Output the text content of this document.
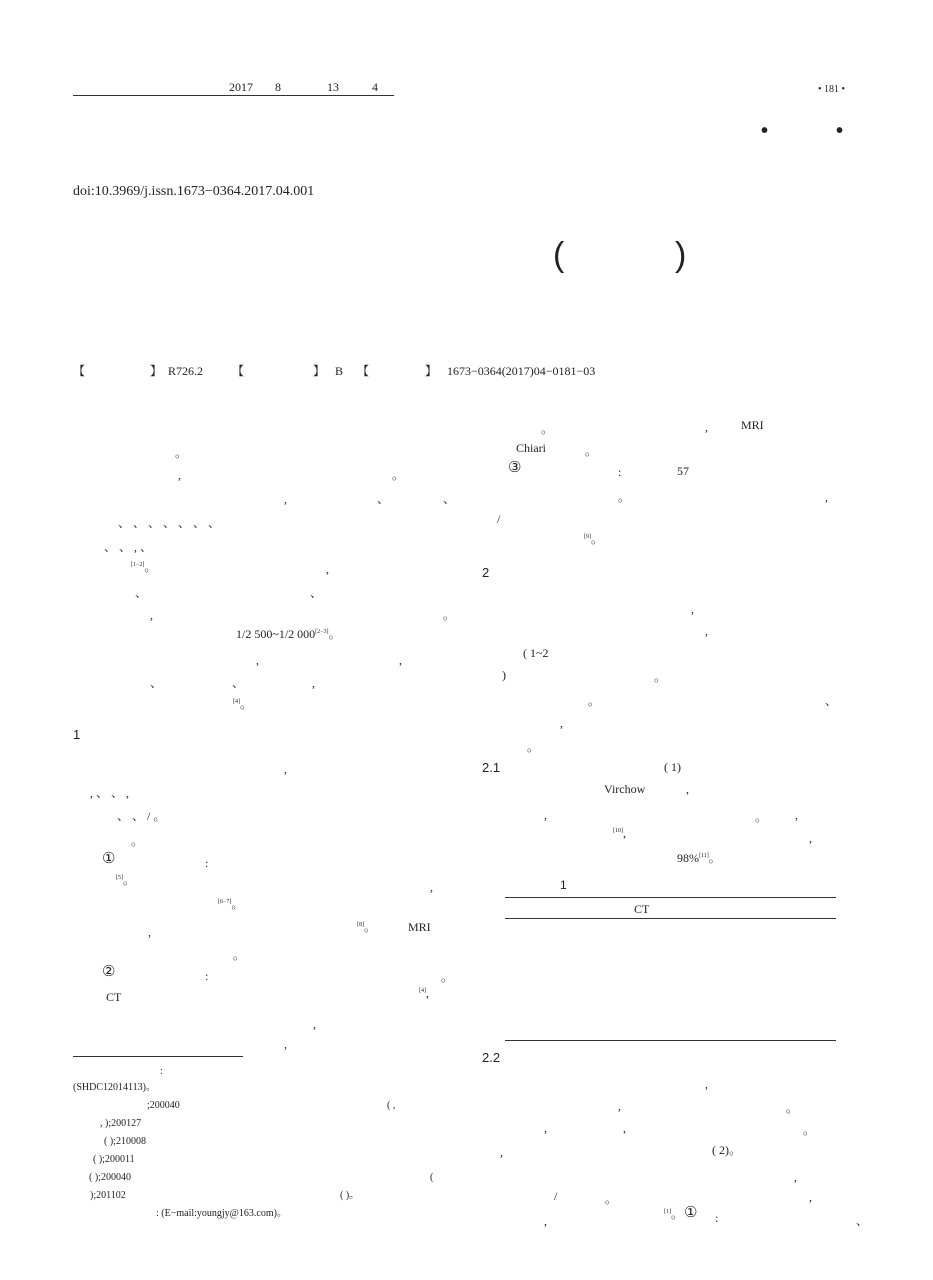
2017 8	13	4	• 181 •
•	•
doi:10.3969/j.issn.1673−0364.2017.04.001
(	)
【	】 R726.2 【	】 B 【	】 1673−0364(2017)04−0181−03
。
,	。
,	、	、
、 、 、 、 、 、 、
、 、 , 、
[1−2]。	,
、	、
,	。
1/2 500~1/2 000[2−3]。
,	,
、	、	,
[4]。
1
,
, 、 、 ,
、 、 / 。
。
①	:
[5]。	,
[6−7]。
,	[8]。	MRI
。
②	:	。
CT	[4],
,
,
:
(SHDC12014113)。
;200040	( ,
, );200127
( );210008
( );200011
( );200040	(
);201102	( )。
: (E−mail:youngjy@163.com)。
。	,	MRI
Chiari	。
③	:	57
。	,
/
[9]。
2
,
,
( 1~2
)	。
。	、
,
。
2.1	( 1)
Virchow	,
,	。 ,
[10],	,
98%[11]。
1
CT
2.2
,
,	。
,	,	。
,	( 2)。
,
/	。	,
,
[1]。 ① :	、
